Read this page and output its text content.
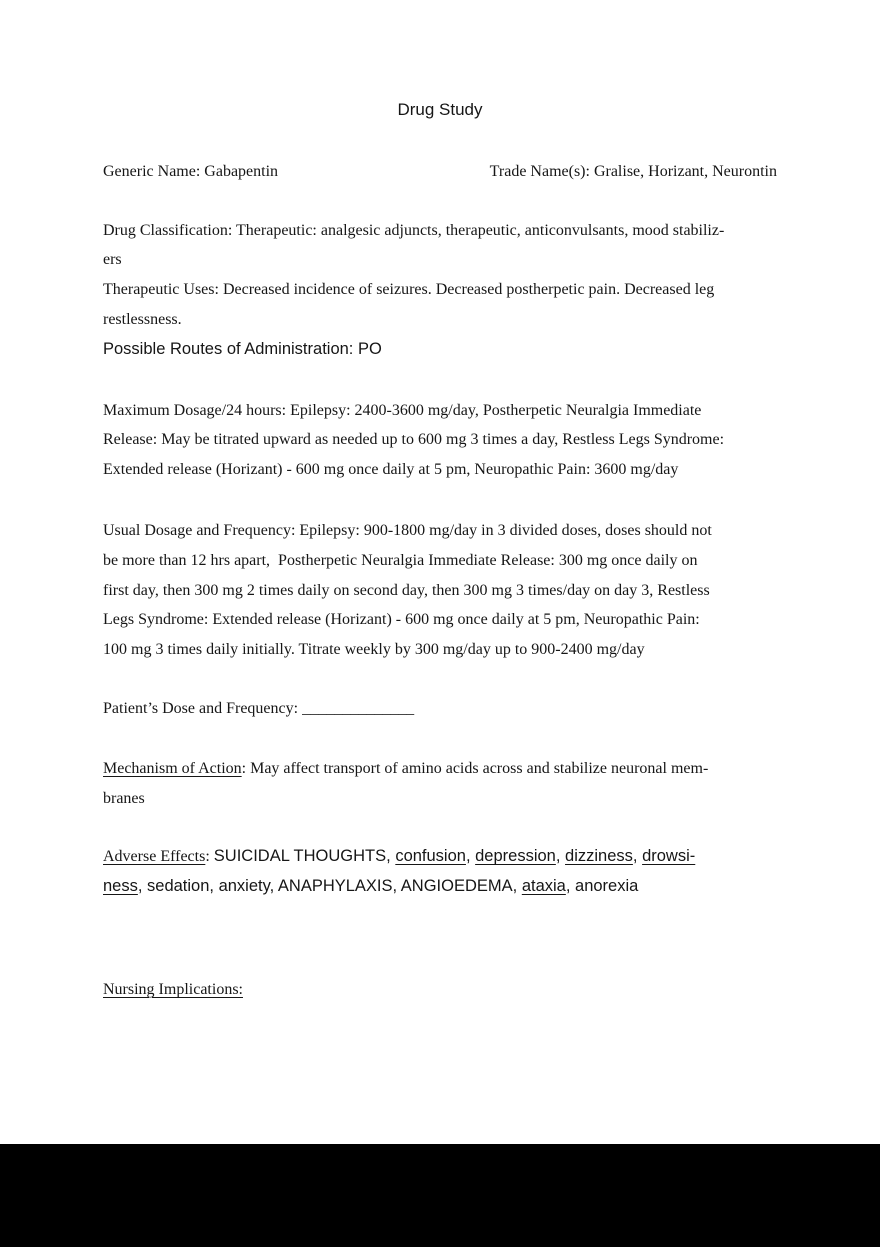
Drug Study
Generic Name: Gabapentin	Trade Name(s): Gralise, Horizant, Neurontin
Drug Classification: Therapeutic: analgesic adjuncts, therapeutic, anticonvulsants, mood stabiliz-
ers
Therapeutic Uses: Decreased incidence of seizures. Decreased postherpetic pain. Decreased leg
restlessness.
Possible Routes of Administration: PO
Maximum Dosage/24 hours: Epilepsy: 2400-3600 mg/day, Postherpetic Neuralgia Immediate
Release: May be titrated upward as needed up to 600 mg 3 times a day, Restless Legs Syndrome:
Extended release (Horizant) - 600 mg once daily at 5 pm, Neuropathic Pain: 3600 mg/day
Usual Dosage and Frequency: Epilepsy: 900-1800 mg/day in 3 divided doses, doses should not
be more than 12 hrs apart,  Postherpetic Neuralgia Immediate Release: 300 mg once daily on
first day, then 300 mg 2 times daily on second day, then 300 mg 3 times/day on day 3, Restless
Legs Syndrome: Extended release (Horizant) - 600 mg once daily at 5 pm, Neuropathic Pain:
100 mg 3 times daily initially. Titrate weekly by 300 mg/day up to 900-2400 mg/day
Patient’s Dose and Frequency: ______________
Mechanism of Action: May affect transport of amino acids across and stabilize neuronal mem-
branes
Adverse Effects: SUICIDAL THOUGHTS, confusion, depression, dizziness, drowsi-
ness, sedation, anxiety, ANAPHYLAXIS, ANGIOEDEMA, ataxia, anorexia
Nursing Implications:
